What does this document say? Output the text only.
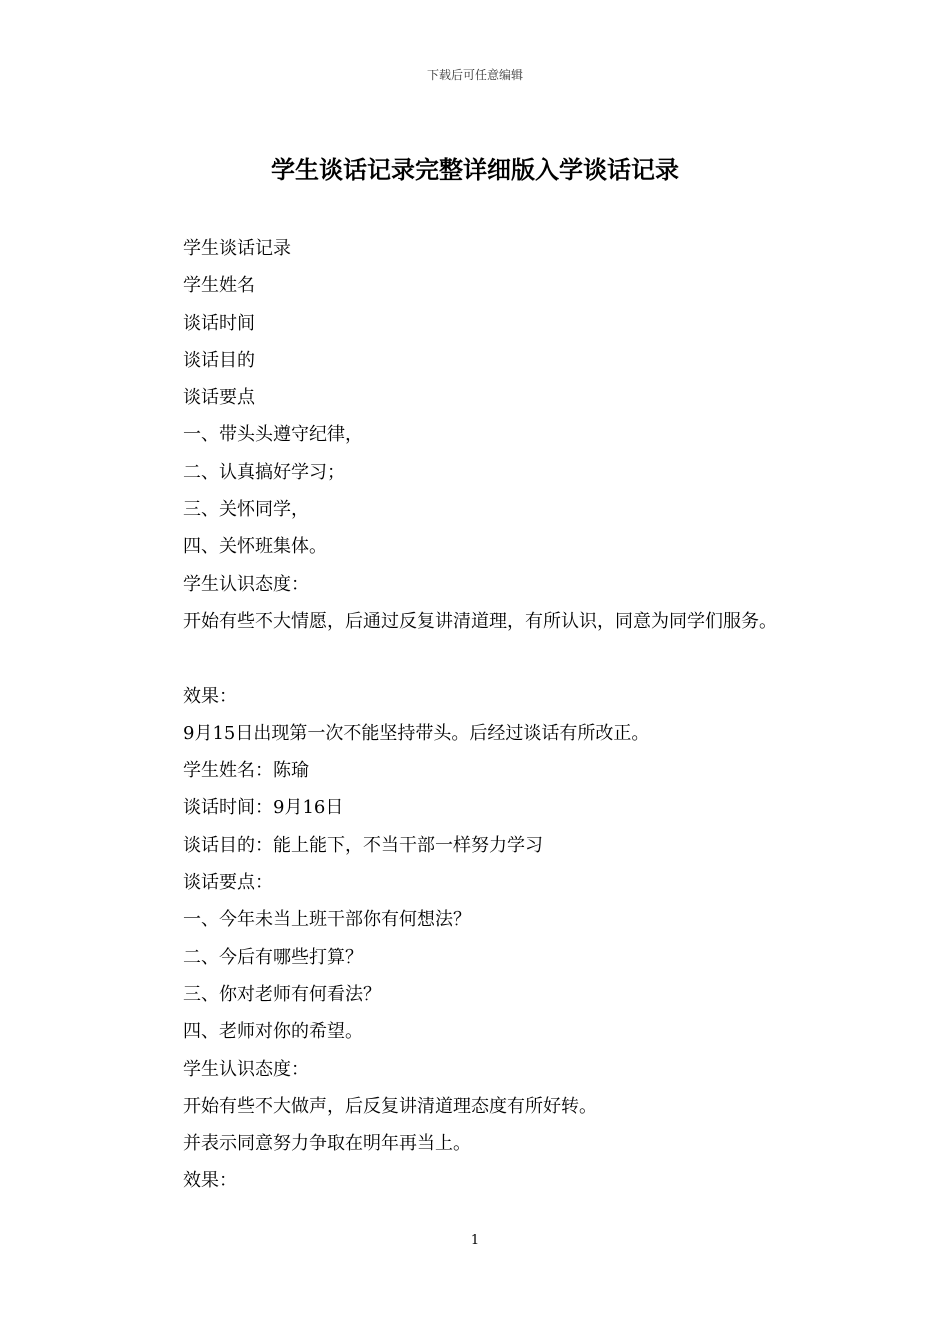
下载后可任意编辑
学生谈话记录完整详细版入学谈话记录
学生谈话记录
学生姓名
谈话时间
谈话目的
谈话要点
一、带头头遵守纪律，
二、认真搞好学习；
三、关怀同学，
四、关怀班集体。
学生认识态度：
开始有些不大情愿，后通过反复讲清道理，有所认识，同意为同学们服务。
效果：
9月15日出现第一次不能坚持带头。后经过谈话有所改正。
学生姓名：陈瑜
谈话时间：9月16日
谈话目的：能上能下，不当干部一样努力学习
谈话要点：
一、今年未当上班干部你有何想法？
二、今后有哪些打算？
三、你对老师有何看法？
四、老师对你的希望。
学生认识态度：
开始有些不大做声，后反复讲清道理态度有所好转。
并表示同意努力争取在明年再当上。
效果：
1
